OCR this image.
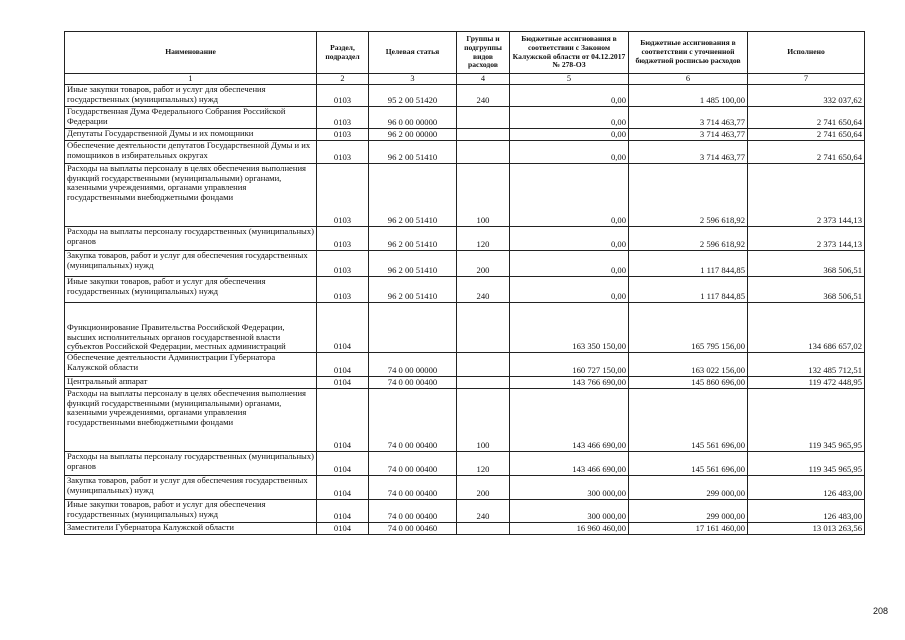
Наименование	Раздел, подраздел	Целевая статья	Группы и подгруппы видов расходов	Бюджетные ассигнования в соответствии с Законом Калужской области от 04.12.2017 № 278-ОЗ	Бюджетные ассигнования в соответствии с уточненной бюджетной росписью расходов	Исполнено
1	2	3	4	5	6	7
Иные закупки товаров, работ и услуг для обеспечения государственных (муниципальных) нужд	0103	95 2 00 51420	240	0,00	1 485 100,00	332 037,62
Государственная Дума Федерального Собрания Российской Федерации	0103	96 0 00 00000		0,00	3 714 463,77	2 741 650,64
Депутаты Государственной Думы и их помощники	0103	96 2 00 00000		0,00	3 714 463,77	2 741 650,64
Обеспечение деятельности депутатов Государственной Думы и их помощников в избирательных округах	0103	96 2 00 51410		0,00	3 714 463,77	2 741 650,64
Расходы на выплаты персоналу в целях обеспечения выполнения функций государственными (муниципальными) органами, казенными учреждениями, органами управления государственными внебюджетными фондами	0103	96 2 00 51410	100	0,00	2 596 618,92	2 373 144,13
Расходы на выплаты персоналу государственных (муниципальных) органов	0103	96 2 00 51410	120	0,00	2 596 618,92	2 373 144,13
Закупка товаров, работ и услуг для обеспечения государственных (муниципальных) нужд	0103	96 2 00 51410	200	0,00	1 117 844,85	368 506,51
Иные закупки товаров, работ и услуг для обеспечения государственных (муниципальных) нужд	0103	96 2 00 51410	240	0,00	1 117 844,85	368 506,51
Функционирование Правительства Российской Федерации, высших исполнительных органов государственной власти субъектов Российской Федерации, местных администраций	0104			163 350 150,00	165 795 156,00	134 686 657,02
Обеспечение деятельности Администрации Губернатора Калужской области	0104	74 0 00 00000		160 727 150,00	163 022 156,00	132 485 712,51
Центральный аппарат	0104	74 0 00 00400		143 766 690,00	145 860 696,00	119 472 448,95
Расходы на выплаты персоналу в целях обеспечения выполнения функций государственными (муниципальными) органами, казенными учреждениями, органами управления государственными внебюджетными фондами	0104	74 0 00 00400	100	143 466 690,00	145 561 696,00	119 345 965,95
Расходы на выплаты персоналу государственных (муниципальных) органов	0104	74 0 00 00400	120	143 466 690,00	145 561 696,00	119 345 965,95
Закупка товаров, работ и услуг для обеспечения государственных (муниципальных) нужд	0104	74 0 00 00400	200	300 000,00	299 000,00	126 483,00
Иные закупки товаров, работ и услуг для обеспечения государственных (муниципальных) нужд	0104	74 0 00 00400	240	300 000,00	299 000,00	126 483,00
Заместители Губернатора Калужской области	0104	74 0 00 00460		16 960 460,00	17 161 460,00	13 013 263,56
208
